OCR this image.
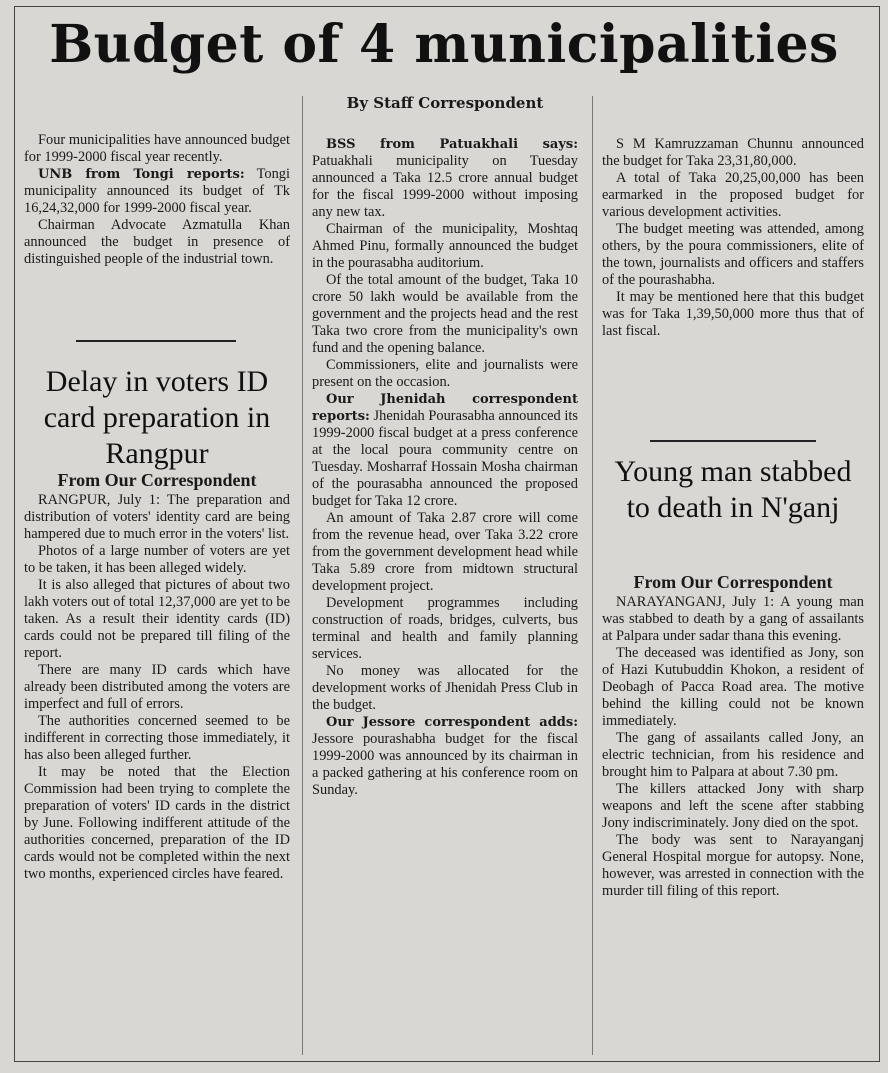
Budget of 4 municipalities
By Staff Correspondent

Four municipalities have announced budget for 1999-2000 fiscal year recently.

UNB from Tongi reports: Tongi municipality announced its budget of Tk 16,24,32,000 for 1999-2000 fiscal year.

Chairman Advocate Azmatulla Khan announced the budget in presence of distinguished people of the industrial town.

Delay in voters ID card preparation in Rangpur
From Our Correspondent

RANGPUR, July 1: The preparation and distribution of voters' identity card are being hampered due to much error in the voters' list.

Photos of a large number of voters are yet to be taken, it has been alleged widely.

It is also alleged that pictures of about two lakh voters out of total 12,37,000 are yet to be taken. As a result their identity cards (ID) cards could not be prepared till filing of the report.

There are many ID cards which have already been distributed among the voters are imperfect and full of errors.

The authorities concerned seemed to be indifferent in correcting those immediately, it has also been alleged further.

It may be noted that the Election Commission had been trying to complete the preparation of voters' ID cards in the district by June. Following indifferent attitude of the authorities concerned, preparation of the ID cards would not be completed within the next two months, experienced circles have feared.

BSS from Patuakhali says: Patuakhali municipality on Tuesday announced a Taka 12.5 crore annual budget for the fiscal 1999-2000 without imposing any new tax.

Chairman of the municipality, Moshtaq Ahmed Pinu, formally announced the budget in the pourasabha auditorium.

Of the total amount of the budget, Taka 10 crore 50 lakh would be available from the government and the projects head and the rest Taka two crore from the municipality's own fund and the opening balance.

Commissioners, elite and journalists were present on the occasion.

Our Jhenidah correspondent reports: Jhenidah Pourasabha announced its 1999-2000 fiscal budget at a press conference at the local poura community centre on Tuesday. Mosharraf Hossain Mosha chairman of the pourasabha announced the proposed budget for Taka 12 crore.

An amount of Taka 2.87 crore will come from the revenue head, over Taka 3.22 crore from the government development head while Taka 5.89 crore from midtown structural development project.

Development programmes including construction of roads, bridges, culverts, bus terminal and health and family planning services.

No money was allocated for the development works of Jhenidah Press Club in the budget.

Our Jessore correspondent adds: Jessore pourashabha budget for the fiscal 1999-2000 was announced by its chairman in a packed gathering at his conference room on Sunday.

S M Kamruzzaman Chunnu announced the budget for Taka 23,31,80,000.

A total of Taka 20,25,00,000 has been earmarked in the proposed budget for various development activities.

The budget meeting was attended, among others, by the poura commissioners, elite of the town, journalists and officers and staffers of the pourashabha.

It may be mentioned here that this budget was for Taka 1,39,50,000 more thus that of last fiscal.

Young man stabbed to death in N'ganj
From Our Correspondent

NARAYANGANJ, July 1: A young man was stabbed to death by a gang of assailants at Palpara under sadar thana this evening.

The deceased was identified as Jony, son of Hazi Kutubuddin Khokon, a resident of Deobagh of Pacca Road area. The motive behind the killing could not be known immediately.

The gang of assailants called Jony, an electric technician, from his residence and brought him to Palpara at about 7.30 pm.

The killers attacked Jony with sharp weapons and left the scene after stabbing Jony indiscriminately. Jony died on the spot.

The body was sent to Narayanganj General Hospital morgue for autopsy. None, however, was arrested in connection with the murder till filing of this report.
